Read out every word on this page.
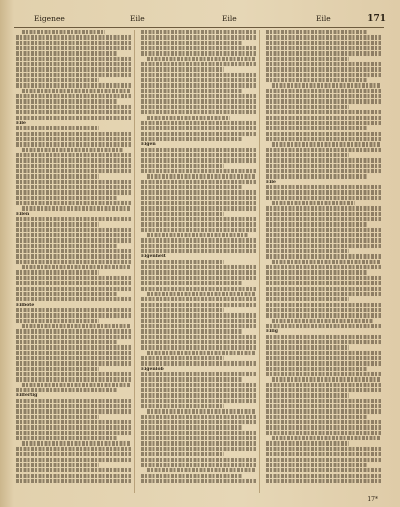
Eigenee	Eile	Eile	Eile	171
Eile
Eilen
Eilbote
Eilfertig
Eigen
Eigenheit
Eigenlob
Eile
Eilig
17*
